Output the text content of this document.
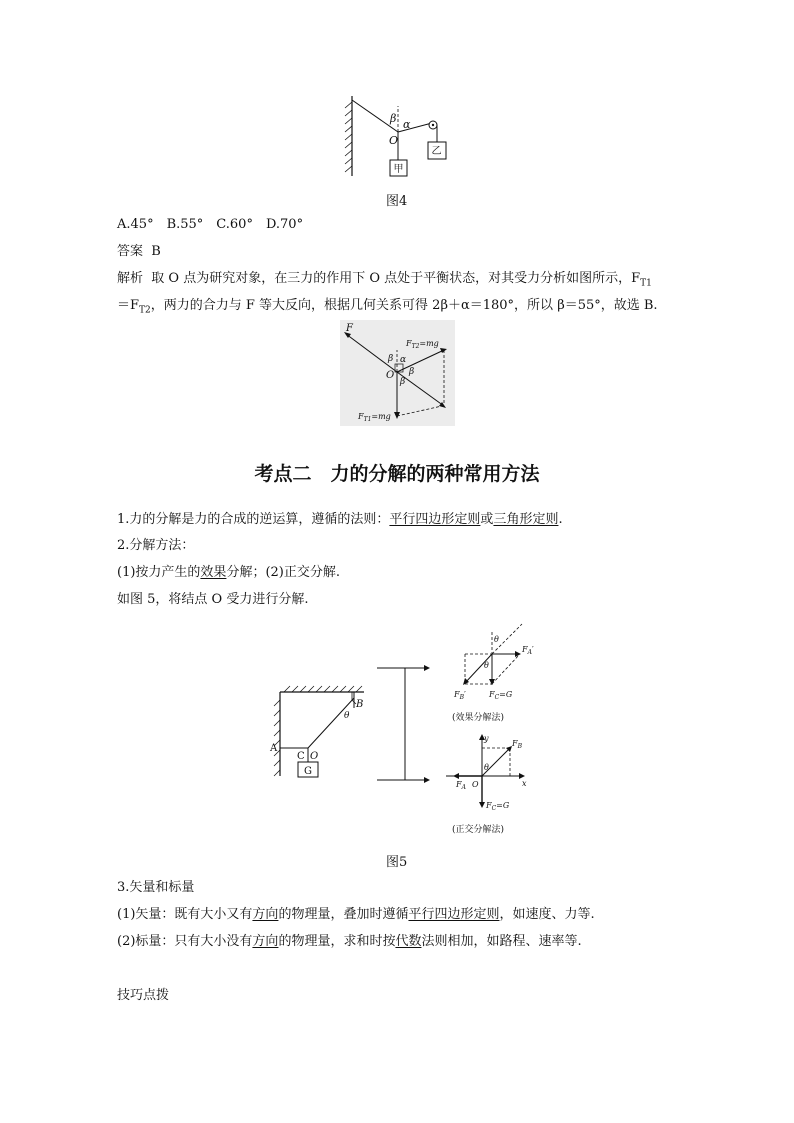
β α
O
甲
乙
图4
A.45°　B.55°　C.60°　D.70°
答案 B
解析 取 O 点为研究对象，在三力的作用下 O 点处于平衡状态，对其受力分析如图所示，$F_{T1}$
$=F_{T2}$，两力的合力与 F 等大反向，根据几何关系可得 2β＋α＝180°，所以 β＝55°，故选 B.
F
$F_{T2}=mg$
$F_{T1}=mg$
O
α
β
β
β
考点二　力的分解的两种常用方法
1.力的分解是力的合成的逆运算，遵循的法则：平行四边形定则或三角形定则.
2.分解方法：
(1)按力产生的效果分解；(2)正交分解.
如图 5，将结点 O 受力进行分解.
A
B
C O
G
θ
θ
θ
$F_A'$
$F_B'$	$F_C=G$
(效果分解法)
y
x
θ
O
$F_B$
$F_A$
$F_C=G$
(正交分解法)
图5
3.矢量和标量
(1)矢量：既有大小又有方向的物理量，叠加时遵循平行四边形定则，如速度、力等.
(2)标量：只有大小没有方向的物理量，求和时按代数法则相加，如路程、速率等.
技巧点拨
